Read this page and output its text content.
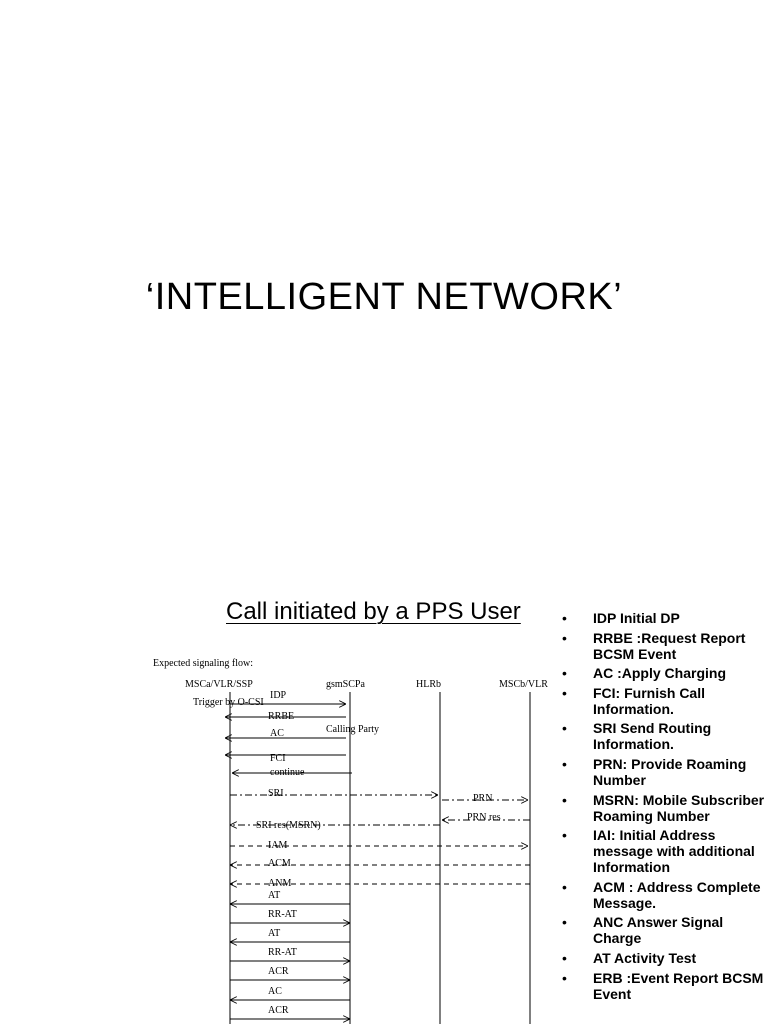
‘INTELLIGENT NETWORK’
Call initiated by a PPS User
Expected signaling flow:
MSCa/VLR/SSP	gsmSCPa	HLRb	MSCb/VLR
Trigger by O-CSI
Calling Party
IDP
RRBE
AC
FCI
continue
SRI	PRN
PRN res
SRI res(MSRN)
IAM
ACM
ANM
AT
RR-AT
AT
RR-AT
ACR
AC
ACR
• IDP Initial DP
• RRBE :Request Report BCSM Event
• AC :Apply Charging
• FCI: Furnish Call Information.
• SRI Send Routing Information.
• PRN: Provide Roaming Number
• MSRN: Mobile Subscriber Roaming Number
• IAI: Initial Address message with additional Information
• ACM : Address Complete Message.
• ANC Answer Signal Charge
• AT Activity Test
• ERB :Event Report BCSM Event
